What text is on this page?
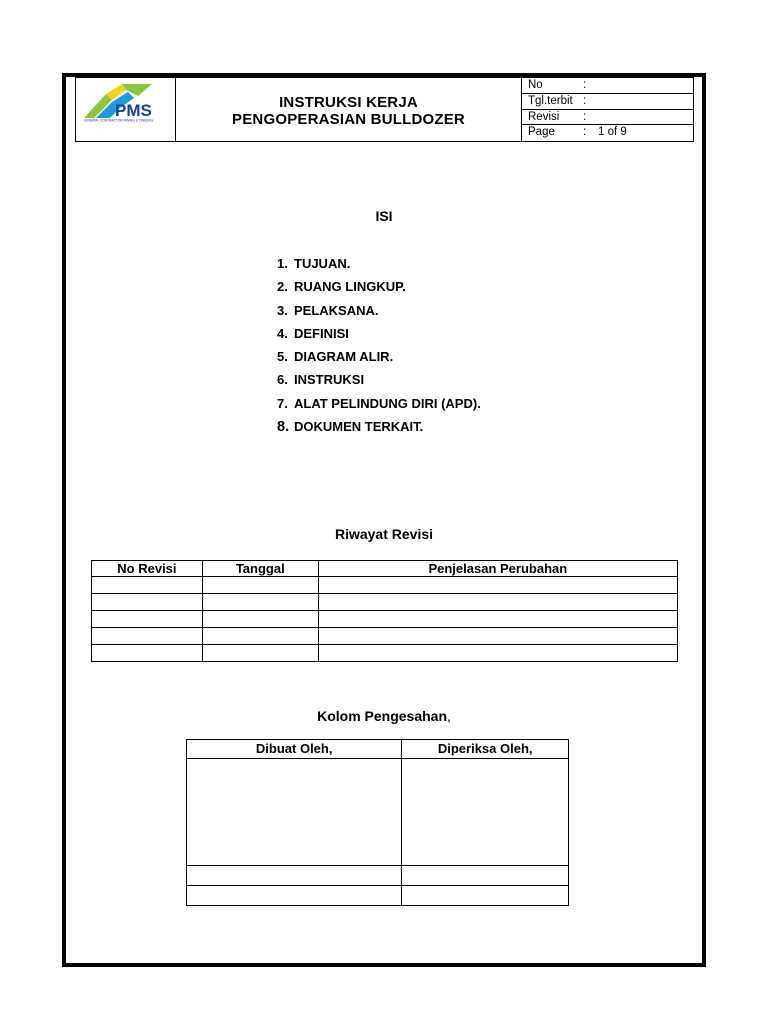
PMS
GENERAL CONTRACTOR MINING & TRADING
INSTRUKSI KERJA
PENGOPERASIAN BULLDOZER
No	:
Tgl.terbit :
Revisi :
Page : 1 of 9
ISI
1. TUJUAN.
2. RUANG LINGKUP.
3. PELAKSANA.
4. DEFINISI
5. DIAGRAM ALIR.
6. INSTRUKSI
7. ALAT PELINDUNG DIRI (APD).
8. DOKUMEN TERKAIT.
Riwayat Revisi
No Revisi	Tanggal	Penjelasan Perubahan

Kolom Pengesahan,
Dibuat Oleh,	Diperiksa Oleh,
